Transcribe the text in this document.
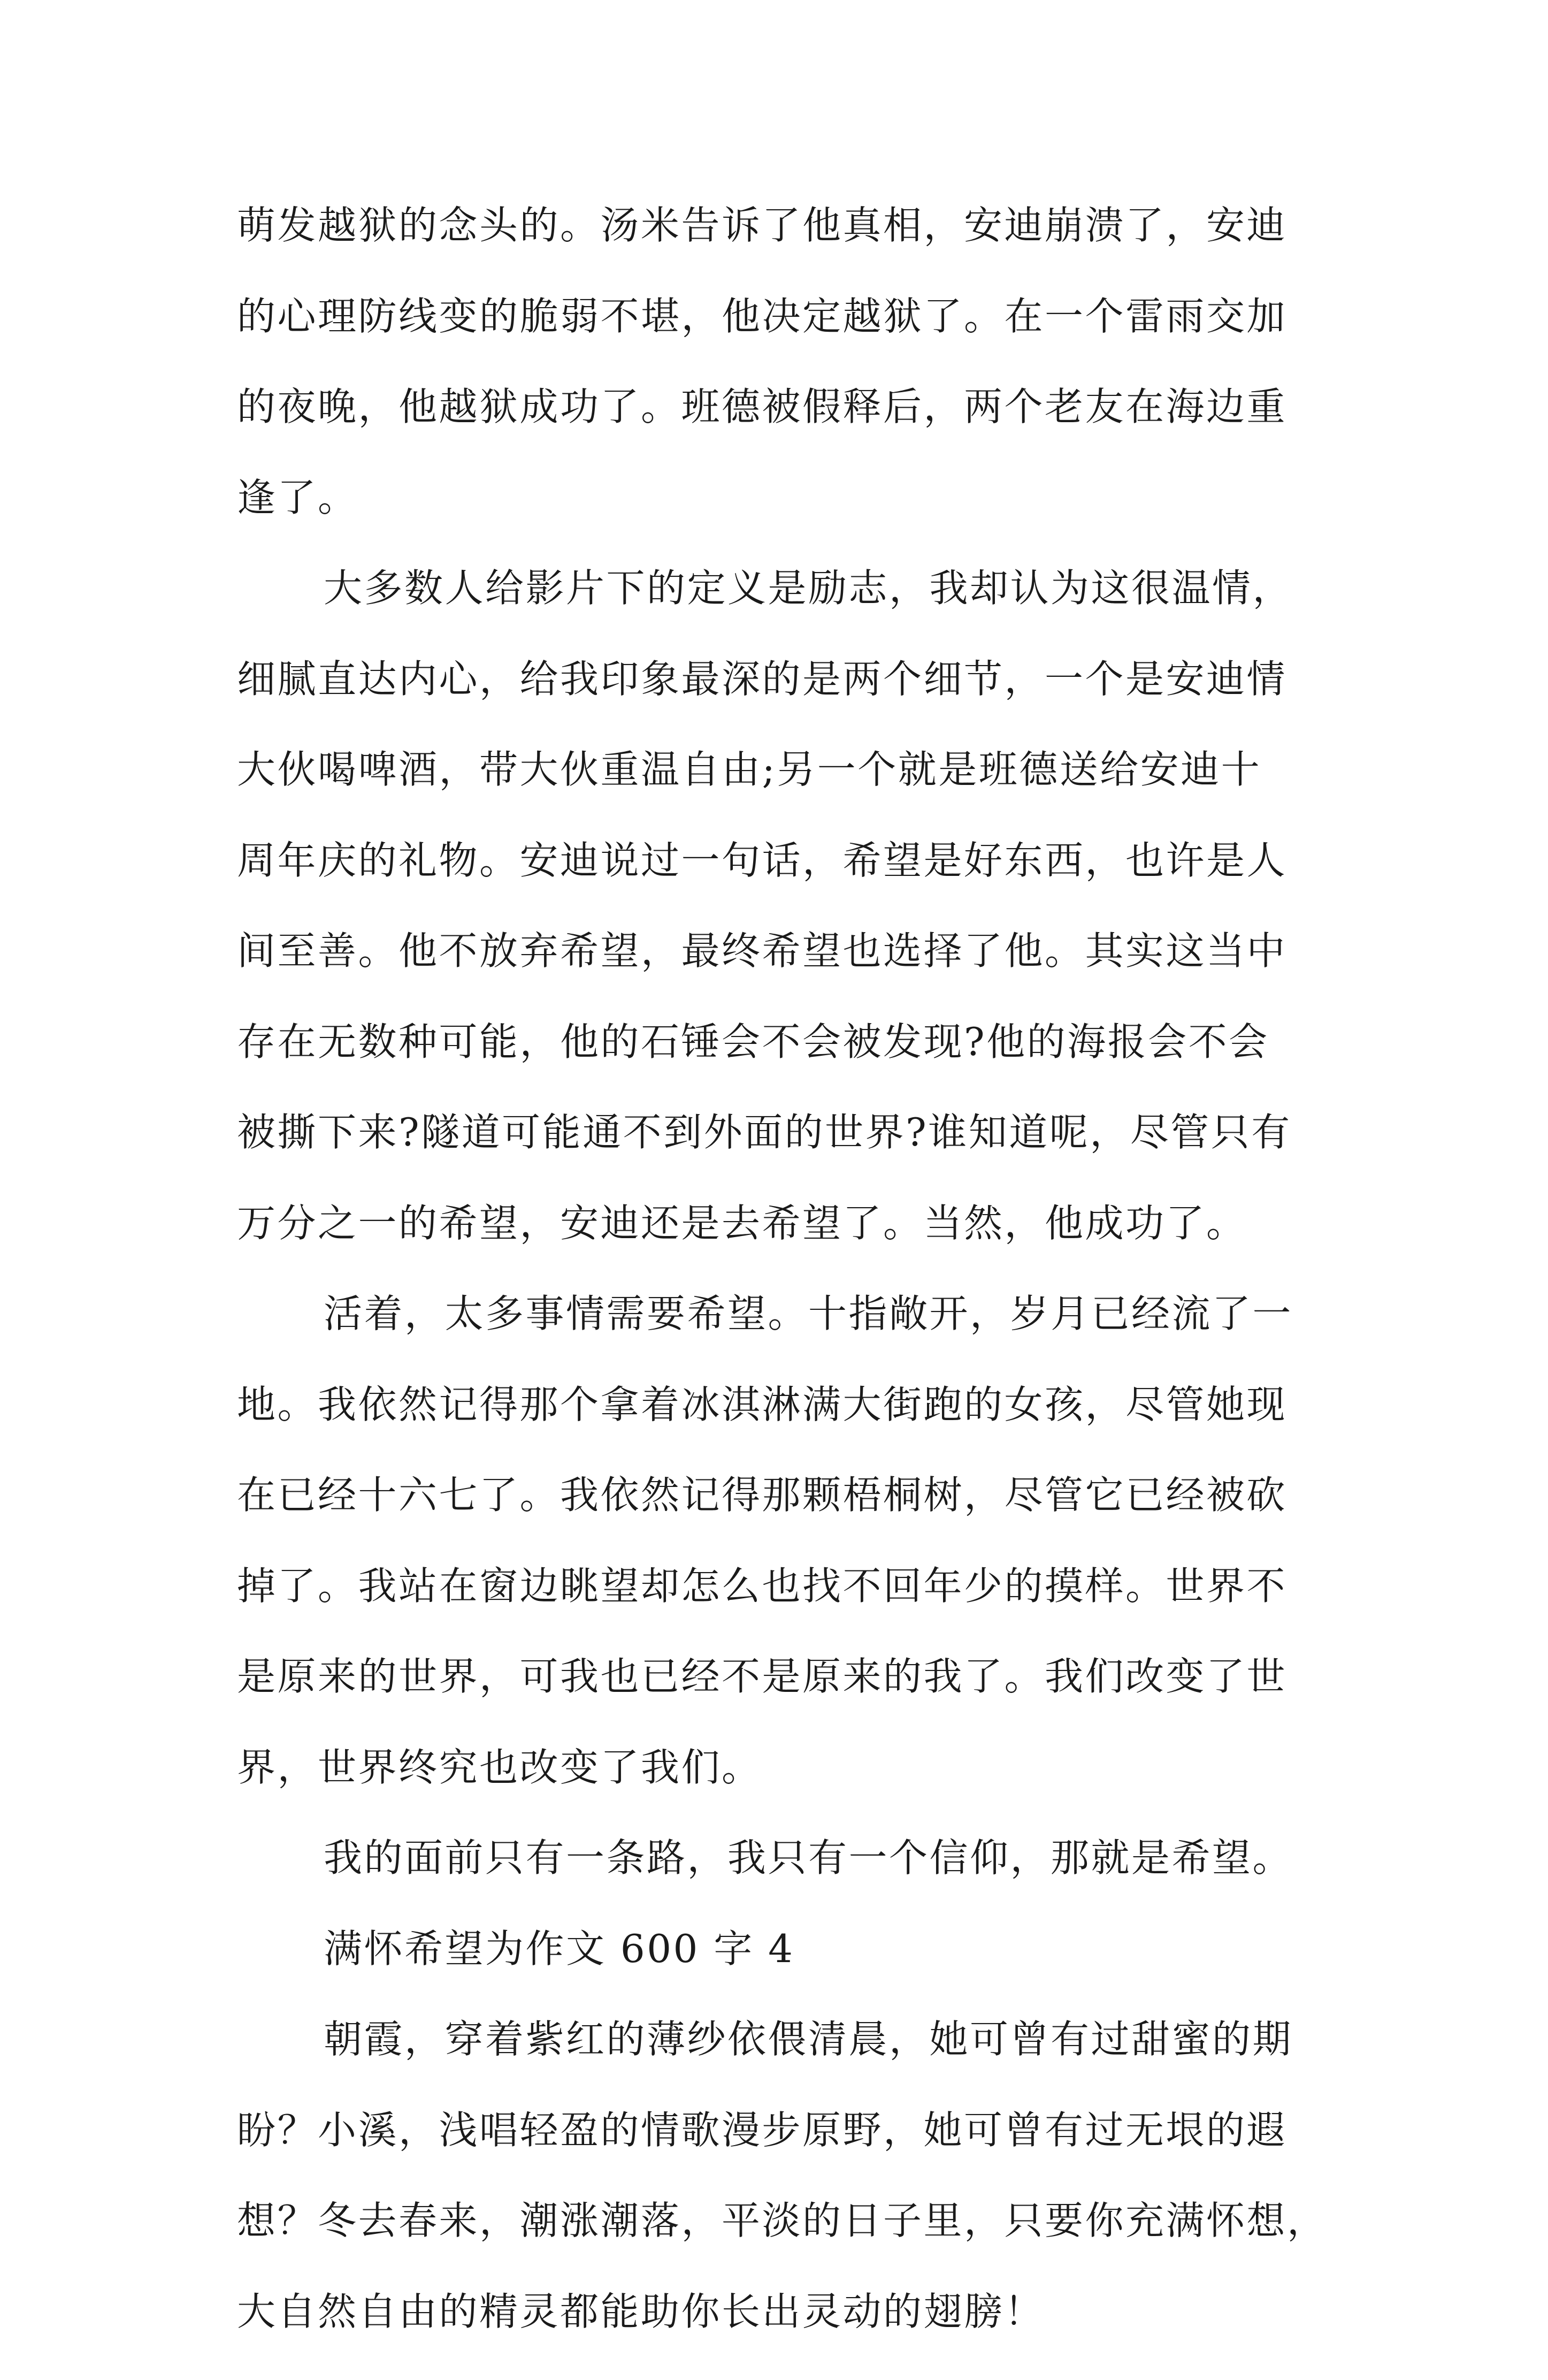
萌发越狱的念头的。汤米告诉了他真相，安迪崩溃了，安迪
的心理防线变的脆弱不堪，他决定越狱了。在一个雷雨交加
的夜晚，他越狱成功了。班德被假释后，两个老友在海边重
逢了。
大多数人给影片下的定义是励志，我却认为这很温情，
细腻直达内心，给我印象最深的是两个细节，一个是安迪情
大伙喝啤酒，带大伙重温自由;另一个就是班德送给安迪十
周年庆的礼物。安迪说过一句话，希望是好东西，也许是人
间至善。他不放弃希望，最终希望也选择了他。其实这当中
存在无数种可能，他的石锤会不会被发现?他的海报会不会
被撕下来?隧道可能通不到外面的世界?谁知道呢，尽管只有
万分之一的希望，安迪还是去希望了。当然，他成功了。
活着，太多事情需要希望。十指敞开，岁月已经流了一
地。我依然记得那个拿着冰淇淋满大街跑的女孩，尽管她现
在已经十六七了。我依然记得那颗梧桐树，尽管它已经被砍
掉了。我站在窗边眺望却怎么也找不回年少的摸样。世界不
是原来的世界，可我也已经不是原来的我了。我们改变了世
界，世界终究也改变了我们。
我的面前只有一条路，我只有一个信仰，那就是希望。
满怀希望为作文 600 字 4
朝霞，穿着紫红的薄纱依偎清晨，她可曾有过甜蜜的期
盼？小溪，浅唱轻盈的情歌漫步原野，她可曾有过无垠的遐
想？冬去春来，潮涨潮落，平淡的日子里，只要你充满怀想，
大自然自由的精灵都能助你长出灵动的翅膀！
